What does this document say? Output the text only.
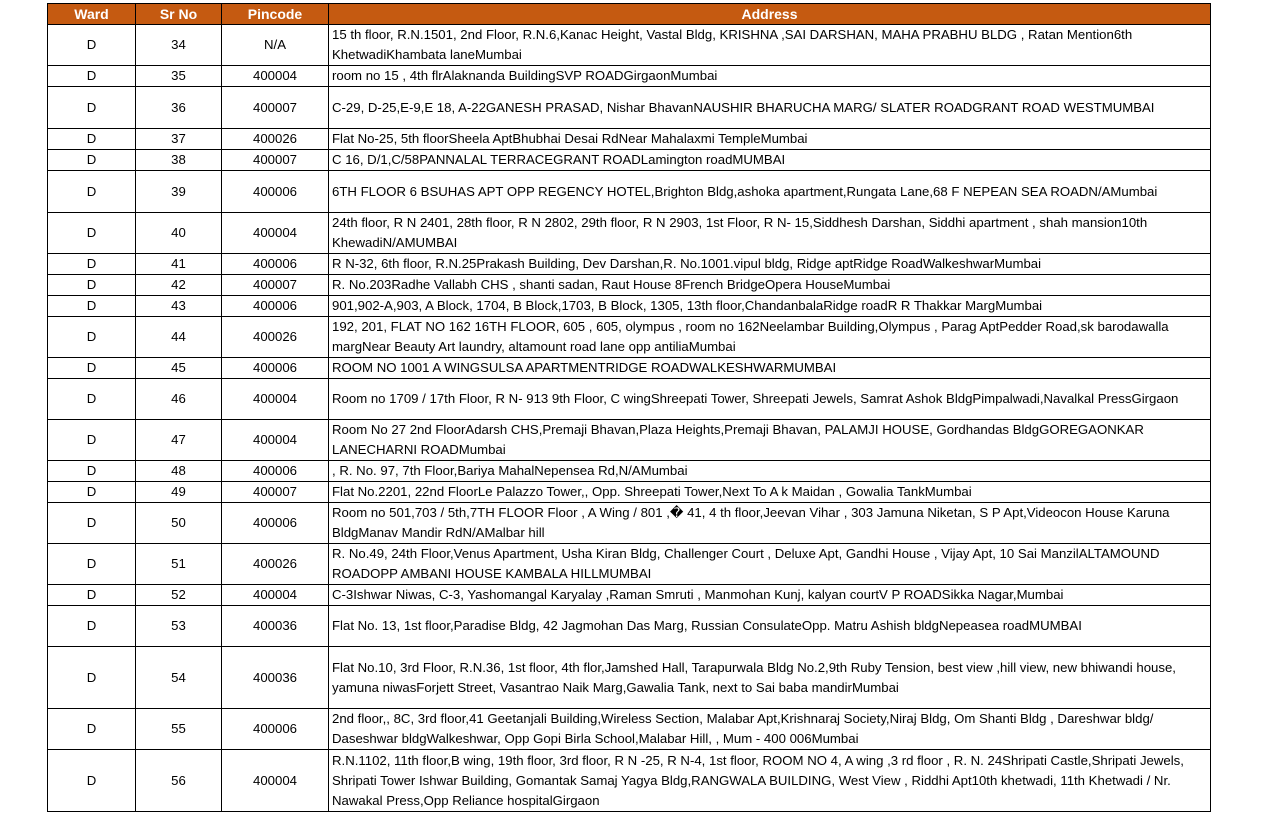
Ward	Sr No	Pincode	Address
D	34	N/A	15 th floor, R.N.1501, 2nd Floor, R.N.6,Kanac Height, Vastal Bldg, KRISHNA ,SAI DARSHAN, MAHA PRABHU BLDG , Ratan Mention6th KhetwadiKhambata laneMumbai
D	35	400004	room no 15 , 4th flrAlaknanda BuildingSVP ROADGirgaonMumbai
D	36	400007	C-29, D-25,E-9,E 18, A-22GANESH PRASAD, Nishar BhavanNAUSHIR BHARUCHA MARG/ SLATER ROADGRANT ROAD WESTMUMBAI
D	37	400026	Flat No-25, 5th floorSheela AptBhubhai Desai RdNear Mahalaxmi TempleMumbai
D	38	400007	C 16, D/1,C/58PANNALAL TERRACEGRANT ROADLamington roadMUMBAI
D	39	400006	6TH FLOOR 6 BSUHAS APT OPP REGENCY HOTEL,Brighton Bldg,ashoka apartment,Rungata Lane,68 F NEPEAN SEA ROADN/AMumbai
D	40	400004	24th floor, R N 2401, 28th floor, R N 2802, 29th floor, R N 2903, 1st Floor, R N- 15,Siddhesh Darshan, Siddhi apartment , shah mansion10th KhewadiN/AMUMBAI
D	41	400006	R N-32, 6th floor, R.N.25Prakash Building, Dev Darshan,R. No.1001.vipul bldg, Ridge aptRidge RoadWalkeshwarMumbai
D	42	400007	R. No.203Radhe Vallabh CHS , shanti sadan, Raut House 8French BridgeOpera HouseMumbai
D	43	400006	901,902-A,903, A Block, 1704, B Block,1703, B Block, 1305, 13th floor,ChandanbalaRidge roadR R Thakkar MargMumbai
D	44	400026	192, 201, FLAT NO 162 16TH FLOOR, 605 , 605, olympus , room no 162Neelambar Building,Olympus , Parag AptPedder Road,sk barodawalla margNear Beauty Art laundry, altamount road lane opp antiliaMumbai
D	45	400006	ROOM NO 1001 A WINGSULSA APARTMENTRIDGE ROADWALKESHWARMUMBAI
D	46	400004	Room no 1709 / 17th Floor, R N- 913 9th Floor, C wingShreepati Tower, Shreepati Jewels, Samrat Ashok BldgPimpalwadi,Navalkal PressGirgaon
D	47	400004	Room No 27 2nd FloorAdarsh CHS,Premaji Bhavan,Plaza Heights,Premaji Bhavan, PALAMJI HOUSE, Gordhandas BldgGOREGAONKAR LANECHARNI ROADMumbai
D	48	400006	, R. No. 97, 7th Floor,Bariya MahalNepensea Rd,N/AMumbai
D	49	400007	Flat No.2201, 22nd FloorLe Palazzo Tower,, Opp. Shreepati Tower,Next To A k Maidan , Gowalia TankMumbai
D	50	400006	Room no 501,703 / 5th,7TH FLOOR Floor , A Wing / 801 ,� 41, 4 th floor,Jeevan Vihar , 303 Jamuna Niketan, S P Apt,Videocon House Karuna BldgManav Mandir RdN/AMalbar hill
D	51	400026	R. No.49, 24th Floor,Venus Apartment, Usha Kiran Bldg, Challenger Court , Deluxe Apt, Gandhi House , Vijay Apt, 10 Sai ManzilALTAMOUND ROADOPP AMBANI HOUSE KAMBALA HILLMUMBAI
D	52	400004	C-3Ishwar Niwas, C-3, Yashomangal Karyalay ,Raman Smruti , Manmohan Kunj, kalyan courtV P ROADSikka Nagar,Mumbai
D	53	400036	Flat No. 13, 1st floor,Paradise Bldg, 42 Jagmohan Das Marg, Russian ConsulateOpp. Matru Ashish bldgNepeasea roadMUMBAI
D	54	400036	Flat No.10, 3rd Floor, R.N.36, 1st floor, 4th flor,Jamshed Hall, Tarapurwala Bldg No.2,9th Ruby Tension, best view ,hill view, new bhiwandi house, yamuna niwasForjett Street, Vasantrao Naik Marg,Gawalia Tank, next to Sai baba mandirMumbai
D	55	400006	2nd floor,, 8C, 3rd floor,41 Geetanjali Building,Wireless Section, Malabar Apt,Krishnaraj Society,Niraj Bldg, Om Shanti Bldg , Dareshwar bldg/ Daseshwar bldgWalkeshwar, Opp Gopi Birla School,Malabar Hill, , Mum - 400 006Mumbai
D	56	400004	R.N.1102, 11th floor,B wing, 19th floor, 3rd floor, R N -25, R N-4, 1st floor, ROOM NO 4, A wing ,3 rd floor , R. N. 24Shripati Castle,Shripati Jewels, Shripati Tower Ishwar Building, Gomantak Samaj Yagya Bldg,RANGWALA BUILDING, West View , Riddhi Apt10th khetwadi, 11th Khetwadi / Nr. Nawakal Press,Opp Reliance hospitalGirgaon
